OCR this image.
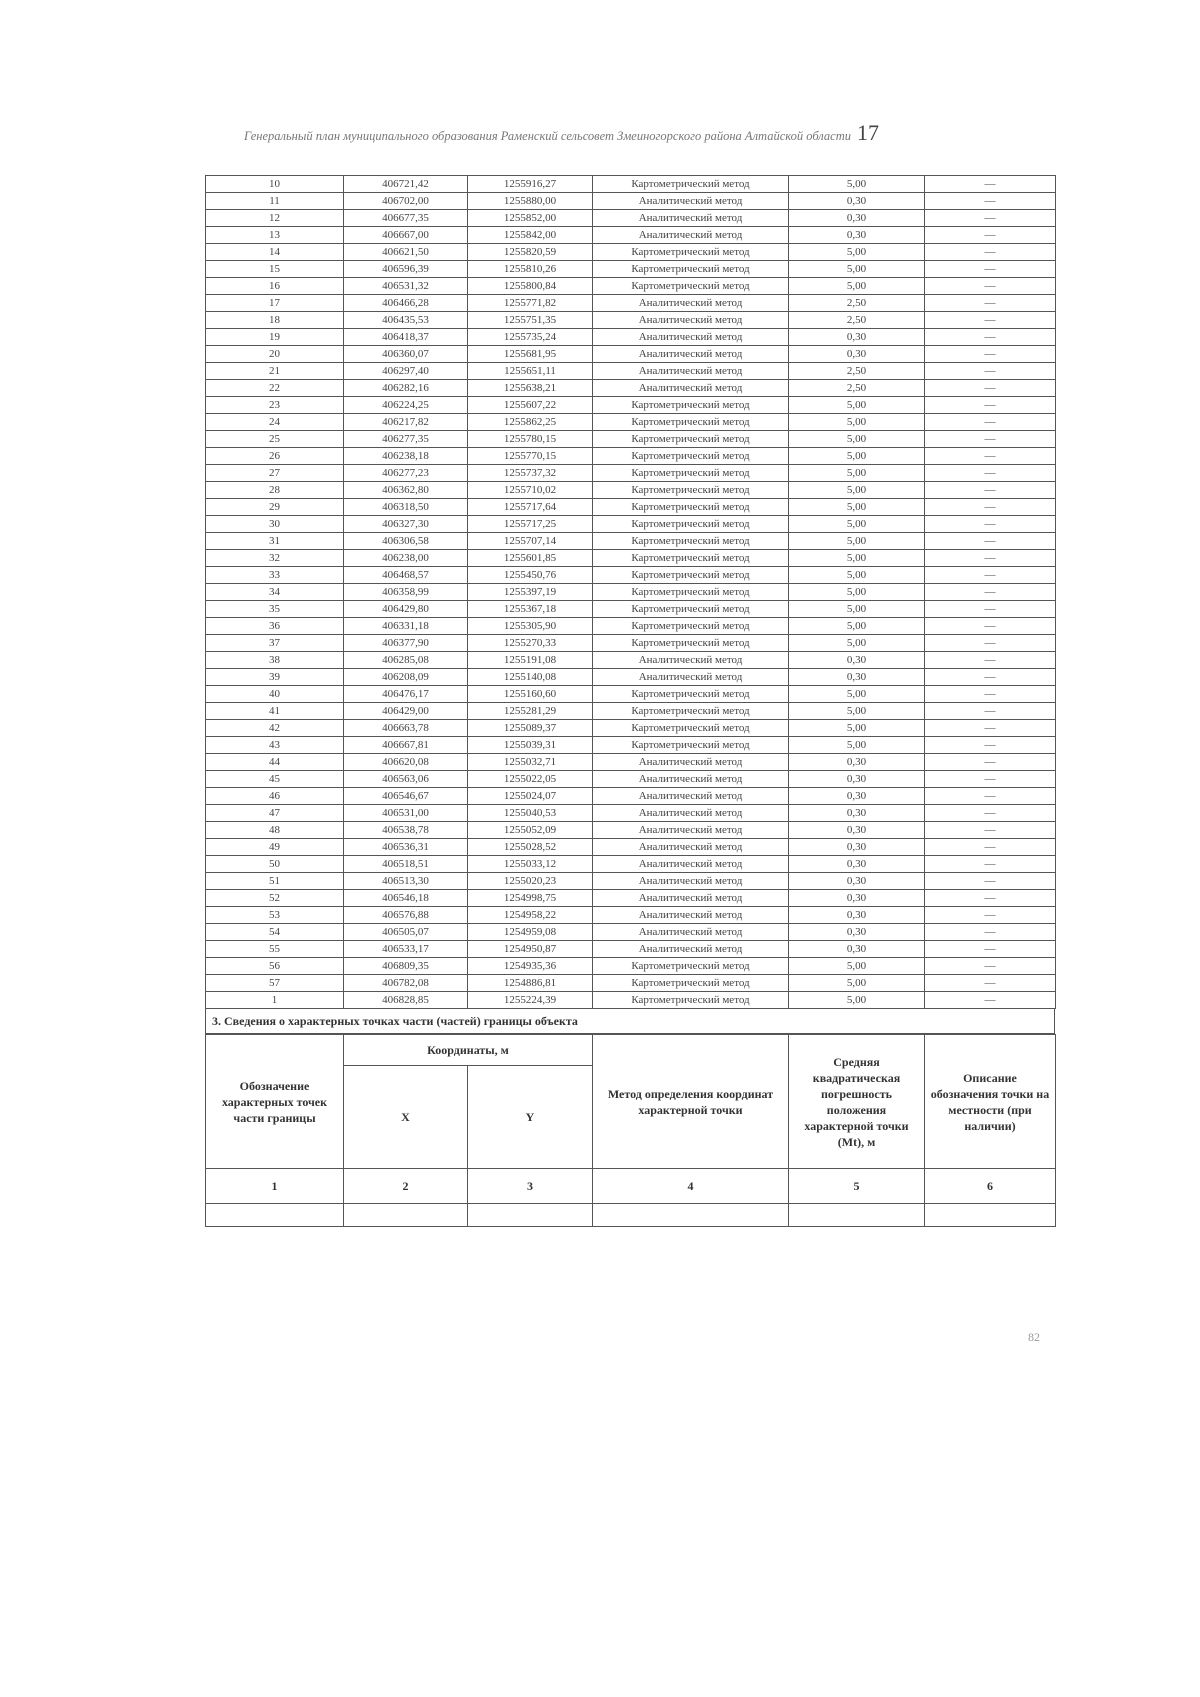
Генеральный план муниципального образования Раменский сельсовет Змеиногорского района Алтайской области 17
10	406721,42	1255916,27	Картометрический метод	5,00	—
11	406702,00	1255880,00	Аналитический метод	0,30	—
12	406677,35	1255852,00	Аналитический метод	0,30	—
13	406667,00	1255842,00	Аналитический метод	0,30	—
14	406621,50	1255820,59	Картометрический метод	5,00	—
15	406596,39	1255810,26	Картометрический метод	5,00	—
16	406531,32	1255800,84	Картометрический метод	5,00	—
17	406466,28	1255771,82	Аналитический метод	2,50	—
18	406435,53	1255751,35	Аналитический метод	2,50	—
19	406418,37	1255735,24	Аналитический метод	0,30	—
20	406360,07	1255681,95	Аналитический метод	0,30	—
21	406297,40	1255651,11	Аналитический метод	2,50	—
22	406282,16	1255638,21	Аналитический метод	2,50	—
23	406224,25	1255607,22	Картометрический метод	5,00	—
24	406217,82	1255862,25	Картометрический метод	5,00	—
25	406277,35	1255780,15	Картометрический метод	5,00	—
26	406238,18	1255770,15	Картометрический метод	5,00	—
27	406277,23	1255737,32	Картометрический метод	5,00	—
28	406362,80	1255710,02	Картометрический метод	5,00	—
29	406318,50	1255717,64	Картометрический метод	5,00	—
30	406327,30	1255717,25	Картометрический метод	5,00	—
31	406306,58	1255707,14	Картометрический метод	5,00	—
32	406238,00	1255601,85	Картометрический метод	5,00	—
33	406468,57	1255450,76	Картометрический метод	5,00	—
34	406358,99	1255397,19	Картометрический метод	5,00	—
35	406429,80	1255367,18	Картометрический метод	5,00	—
36	406331,18	1255305,90	Картометрический метод	5,00	—
37	406377,90	1255270,33	Картометрический метод	5,00	—
38	406285,08	1255191,08	Аналитический метод	0,30	—
39	406208,09	1255140,08	Аналитический метод	0,30	—
40	406476,17	1255160,60	Картометрический метод	5,00	—
41	406429,00	1255281,29	Картометрический метод	5,00	—
42	406663,78	1255089,37	Картометрический метод	5,00	—
43	406667,81	1255039,31	Картометрический метод	5,00	—
44	406620,08	1255032,71	Аналитический метод	0,30	—
45	406563,06	1255022,05	Аналитический метод	0,30	—
46	406546,67	1255024,07	Аналитический метод	0,30	—
47	406531,00	1255040,53	Аналитический метод	0,30	—
48	406538,78	1255052,09	Аналитический метод	0,30	—
49	406536,31	1255028,52	Аналитический метод	0,30	—
50	406518,51	1255033,12	Аналитический метод	0,30	—
51	406513,30	1255020,23	Аналитический метод	0,30	—
52	406546,18	1254998,75	Аналитический метод	0,30	—
53	406576,88	1254958,22	Аналитический метод	0,30	—
54	406505,07	1254959,08	Аналитический метод	0,30	—
55	406533,17	1254950,87	Аналитический метод	0,30	—
56	406809,35	1254935,36	Картометрический метод	5,00	—
57	406782,08	1254886,81	Картометрический метод	5,00	—
1	406828,85	1255224,39	Картометрический метод	5,00	—
3. Сведения о характерных точках части (частей) границы объекта
Обозначение характерных точек части границы	Координаты, м		Метод определения координат характерной точки	Средняя квадратическая погрешность положения характерной точки (Mt), м	Описание обозначения точки на местности (при наличии)
	X	Y			
1	2	3	4	5	6

82
